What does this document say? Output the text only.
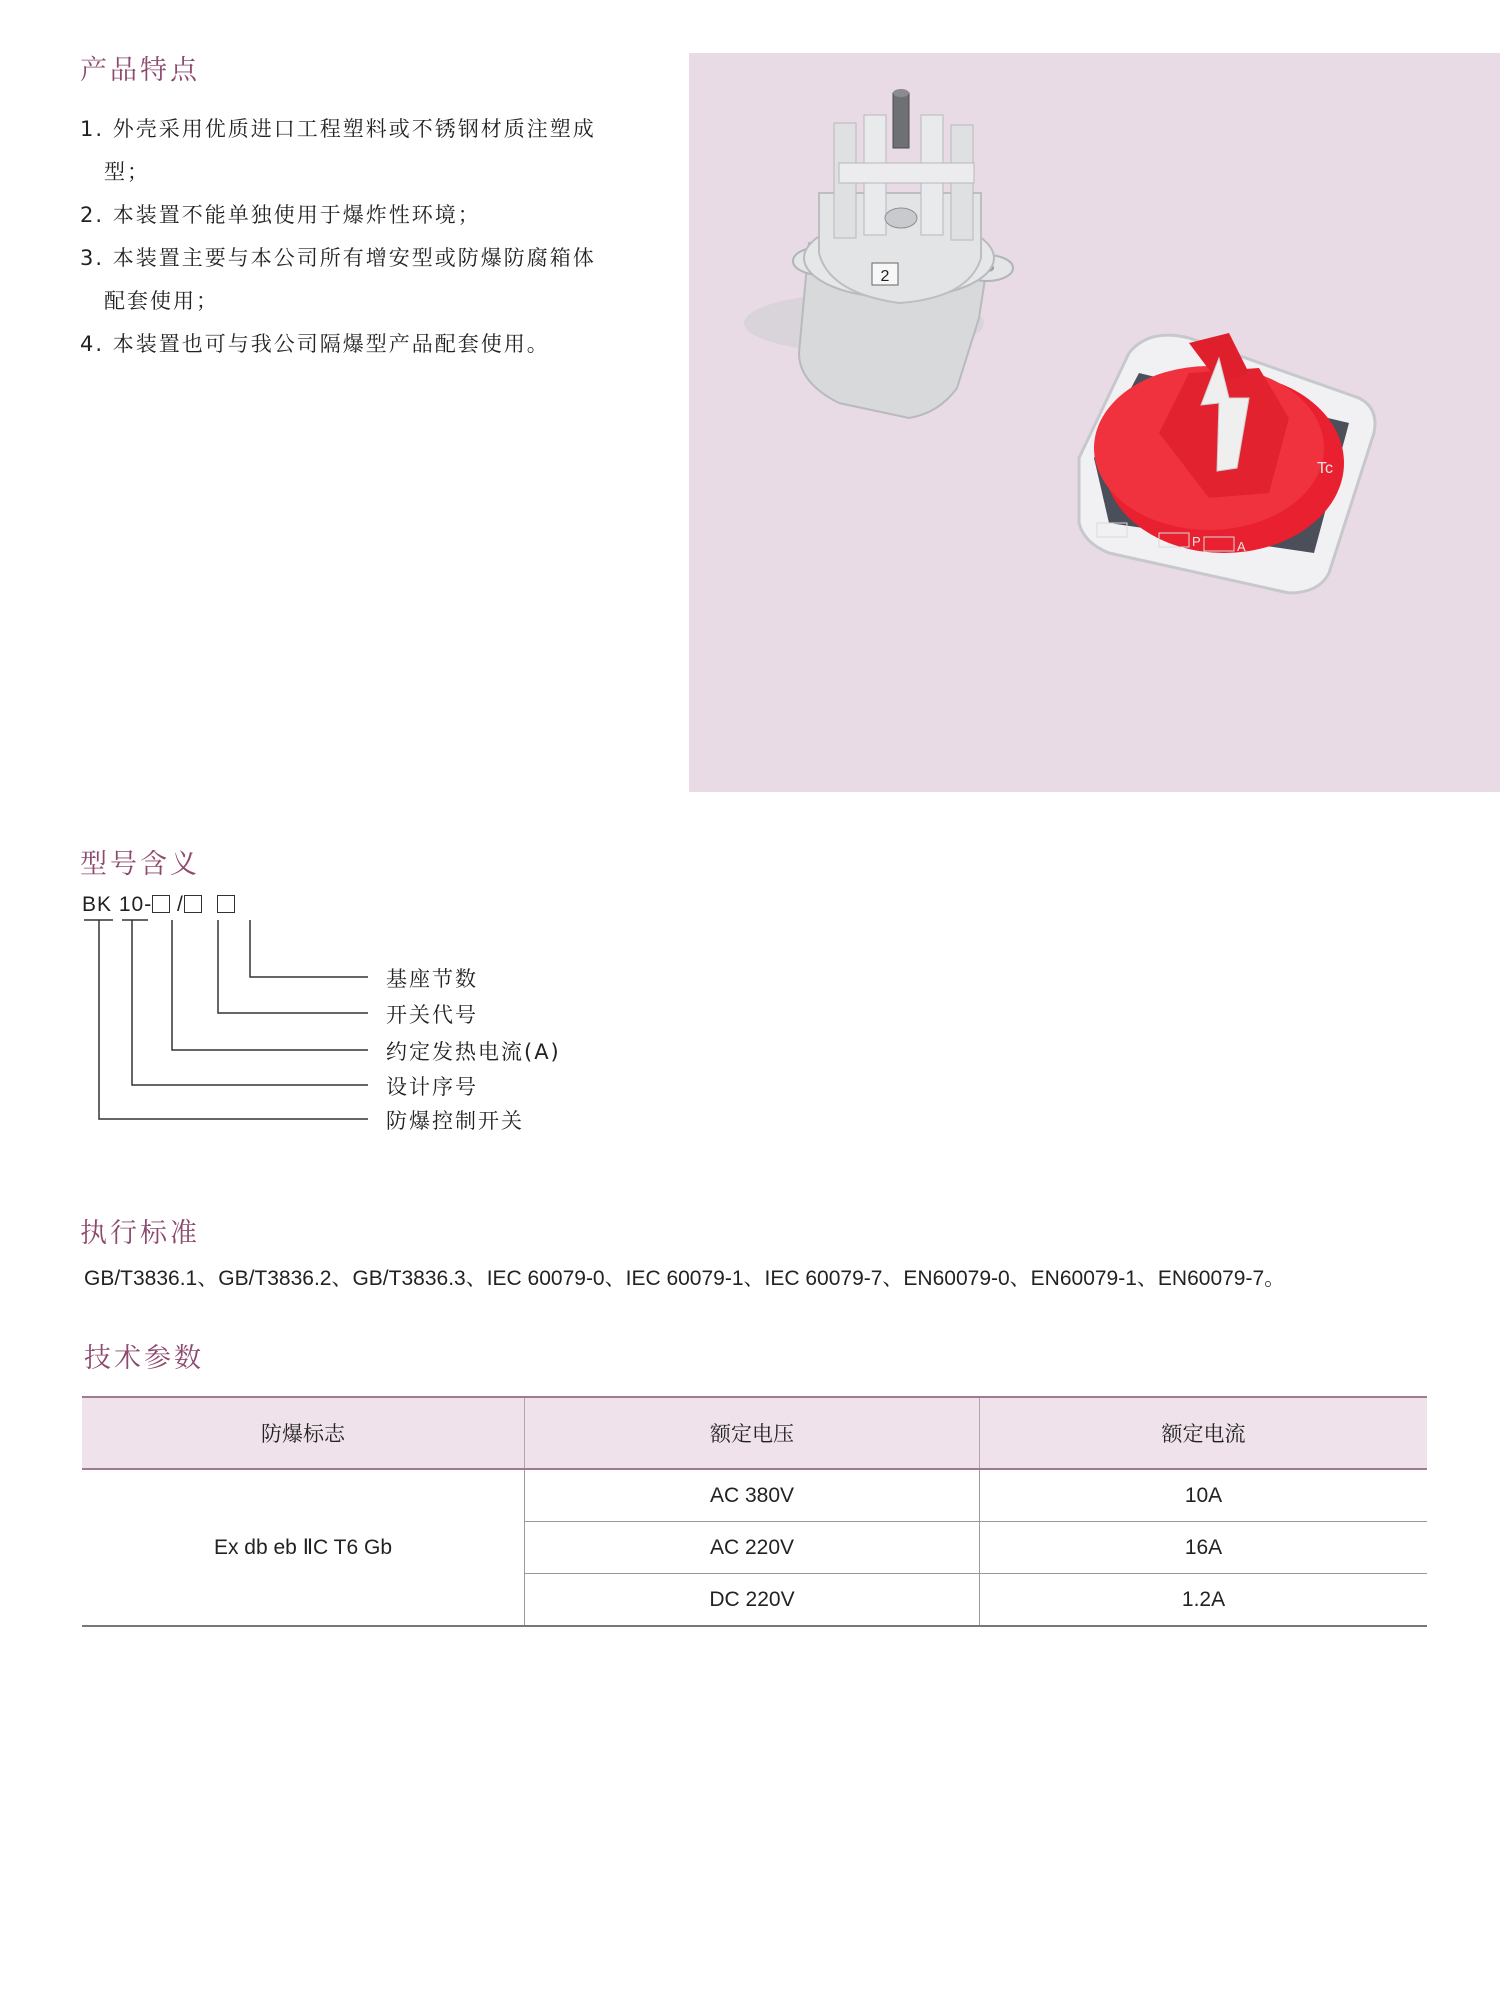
产品特点
1. 外壳采用优质进口工程塑料或不锈钢材质注塑成
型；
2. 本装置不能单独使用于爆炸性环境；
3. 本装置主要与本公司所有增安型或防爆防腐箱体
配套使用；
4. 本装置也可与我公司隔爆型产品配套使用。
2
Tc
P	A
型号含义
BK 10- /
基座节数
开关代号
约定发热电流(A)
设计序号
防爆控制开关
执行标准
GB/T3836.1、GB/T3836.2、GB/T3836.3、IEC 60079-0、IEC 60079-1、IEC 60079-7、EN60079-0、EN60079-1、EN60079-7。
技术参数
防爆标志	额定电压	额定电流
Ex db eb ⅡC T6 Gb	AC 380V	10A
	AC 220V	16A
	DC 220V	1.2A
